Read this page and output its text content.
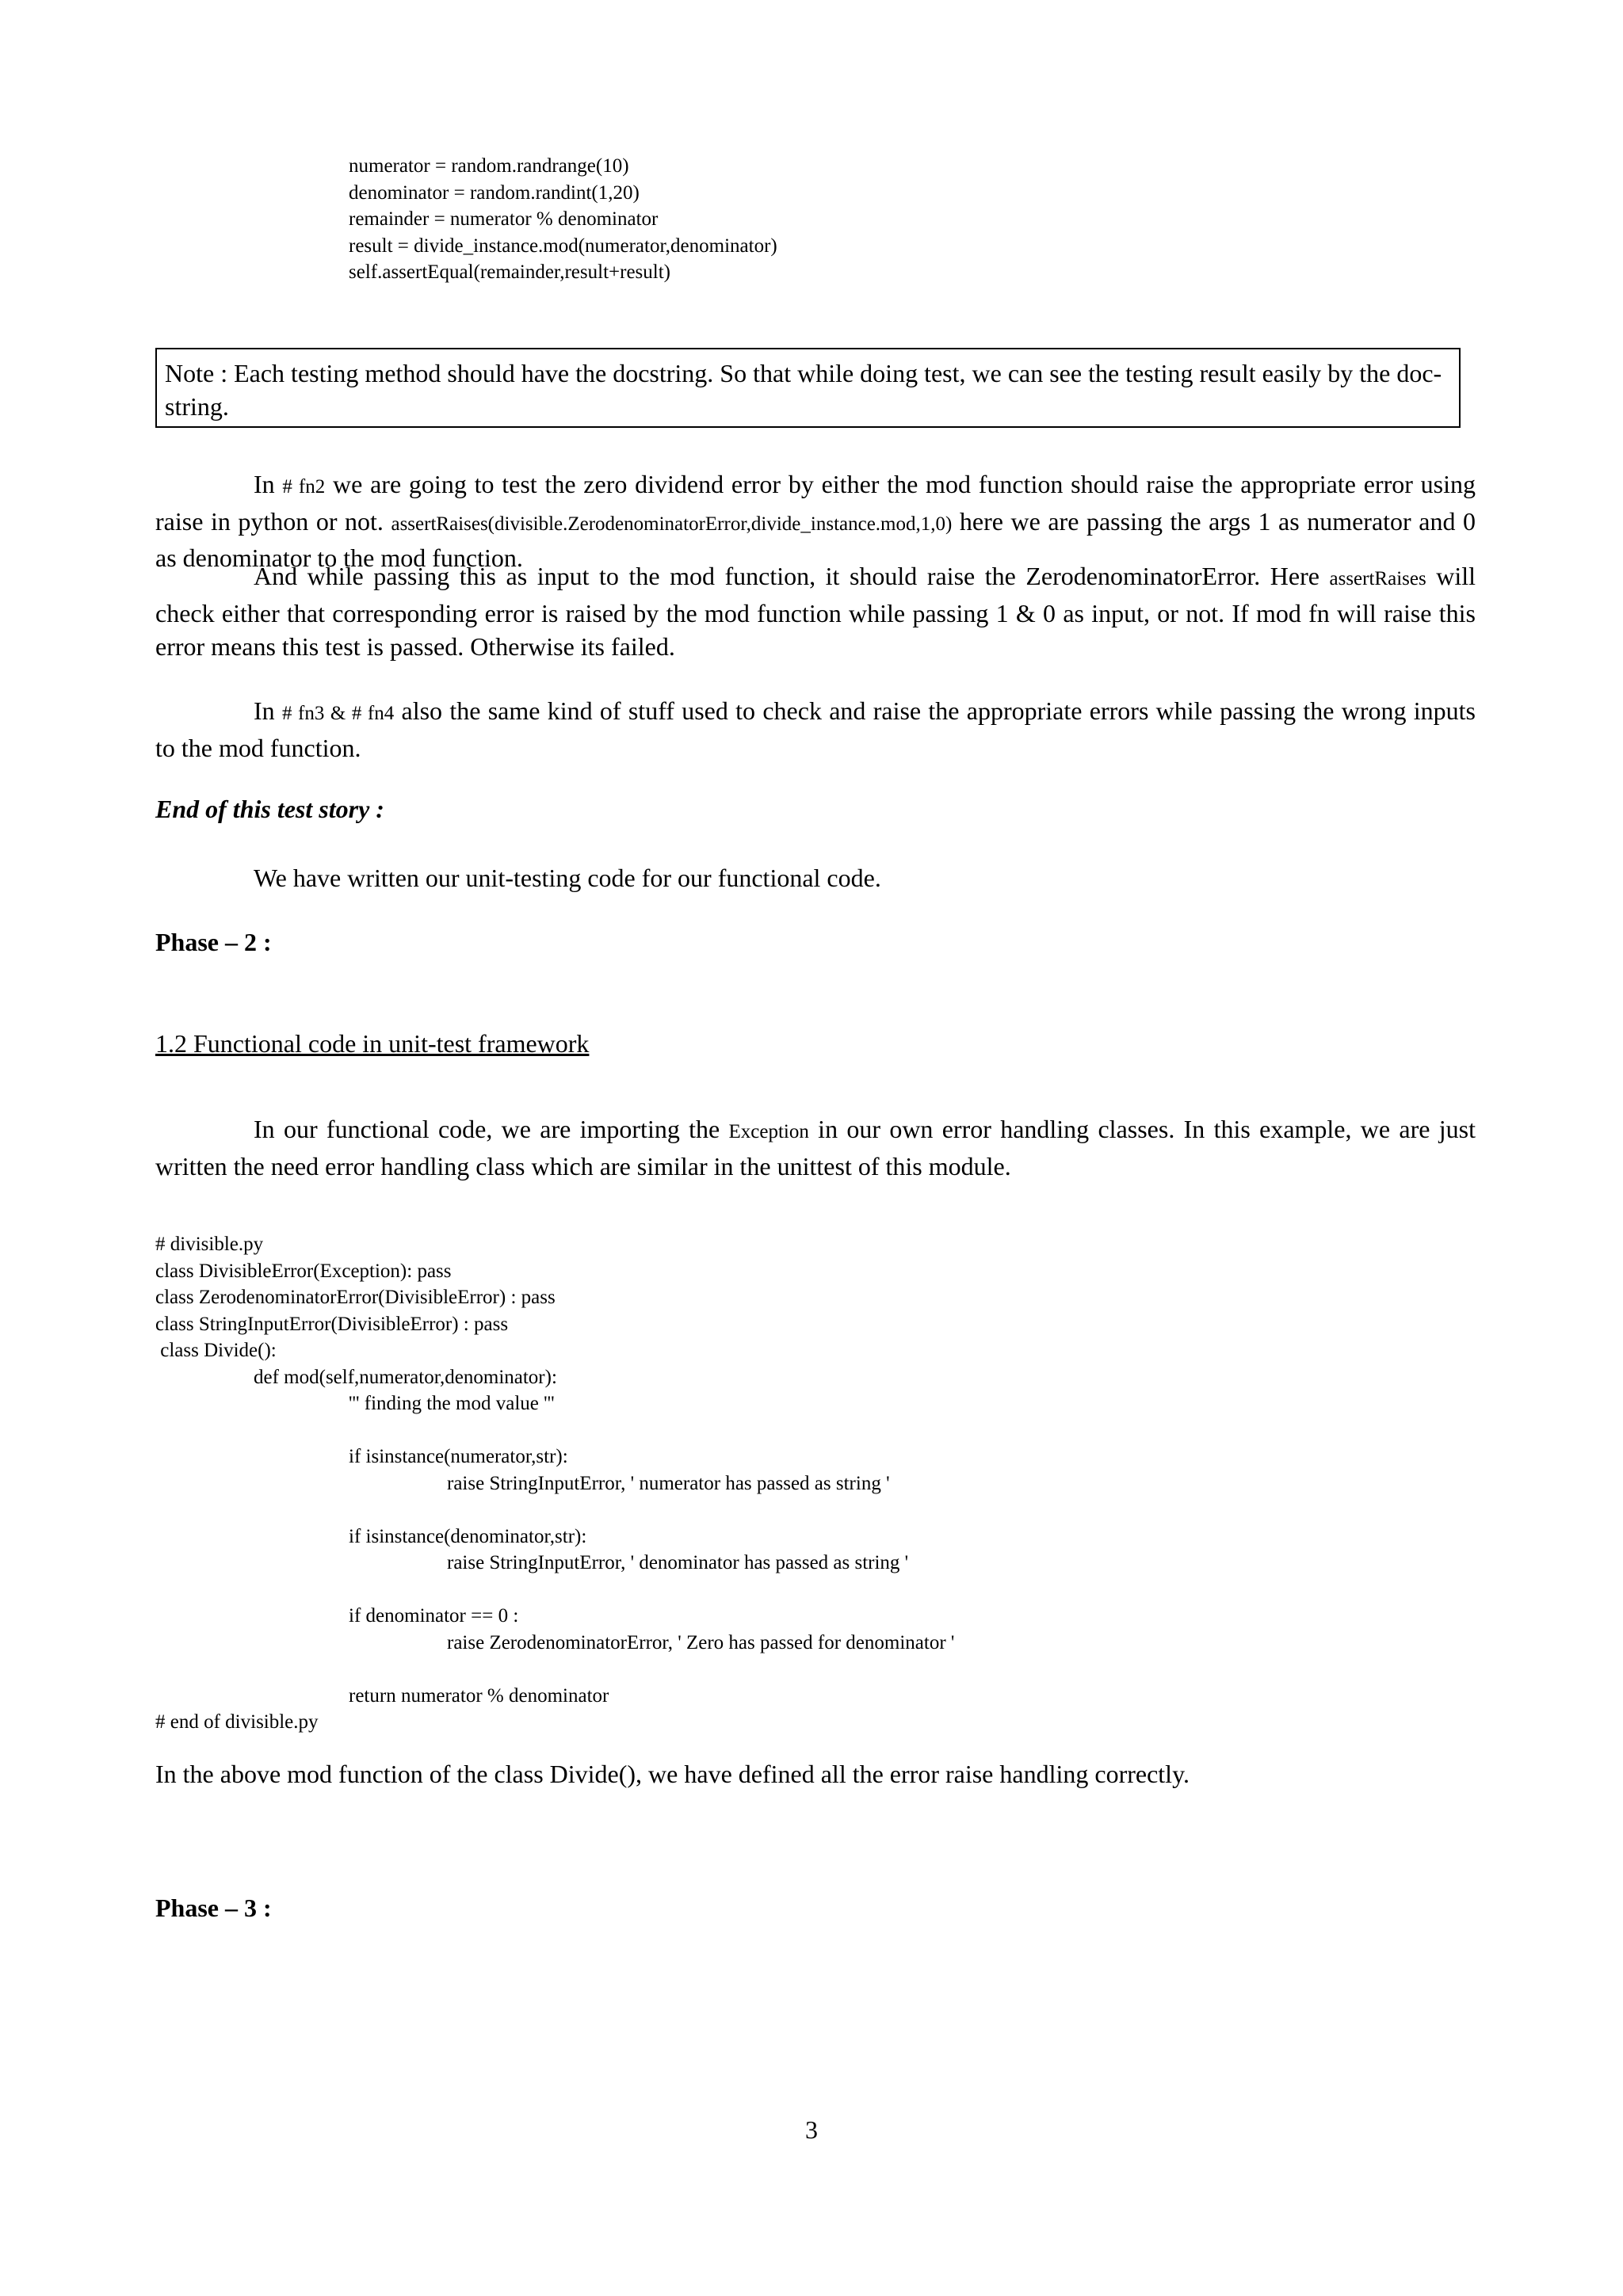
numerator = random.randrange(10)
denominator = random.randint(1,20)
remainder = numerator % denominator
result = divide_instance.mod(numerator,denominator)
self.assertEqual(remainder,result+result)
Note : Each testing method should have the docstring. So that while doing test, we can see the testing result easily by the doc-string.
In # fn2 we are going to test the zero dividend error by either the mod function should raise the appropriate error using raise in python or not. assertRaises(divisible.ZerodenominatorError,divide_instance.mod,1,0) here we are passing the args 1 as numerator and 0 as denominator to the mod function.
And while passing this as input to the mod function, it should raise the ZerodenominatorError. Here assertRaises will check either that corresponding error is raised by the mod function while passing 1 & 0 as input, or not. If mod fn will raise this error means this test is passed. Otherwise its failed.
In # fn3 & # fn4 also the same kind of stuff used to check and raise the appropriate errors while passing the wrong inputs to the mod function.
End of this test story :
We have written our unit-testing code for our functional code.
Phase – 2 :
1.2 Functional code in unit-test framework
In our functional code, we are importing the Exception in our own error handling classes. In this example, we are just written the need error handling class which are similar in the unittest of this module.
# divisible.py
class DivisibleError(Exception): pass
class ZerodenominatorError(DivisibleError) : pass
class StringInputError(DivisibleError) : pass
class Divide():
def mod(self,numerator,denominator):
''' finding the mod value '''
if isinstance(numerator,str):
raise StringInputError, ' numerator has passed as string '
if isinstance(denominator,str):
raise StringInputError, ' denominator has passed as string '
if denominator == 0 :
raise ZerodenominatorError, ' Zero has passed for denominator '
return numerator % denominator
# end of divisible.py
In the above mod function of the class Divide(), we have defined all the error raise handling correctly.
Phase – 3 :
3
